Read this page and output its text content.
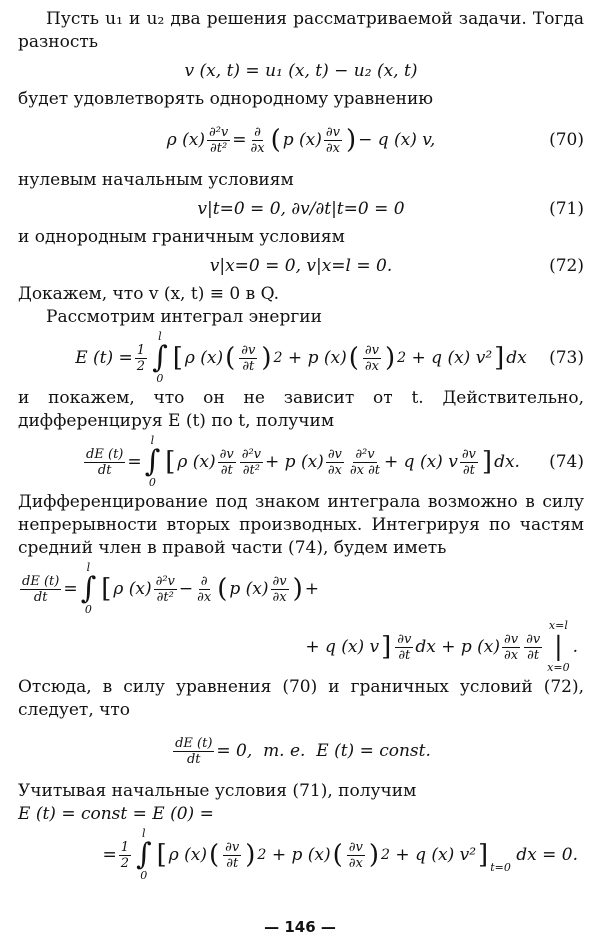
Пусть u₁ и u₂ два решения рассматриваемой задачи. Тогда разность

v (x, t) = u₁ (x, t) − u₂ (x, t)

будет удовлетворять однородному уравнению

ρ $(x) \frac{\text{∂²v}}{\text{∂t²}} = \frac{\partial}{\partial x}$ ( p $(x) \frac{\partial v}{\partial x}$ ) − q (x) v,	(70)

нулевым начальным условиям

v|t=0 = 0, ∂v/∂t|t=0 = 0	(71)

и однородным граничным условиям

v|x=0 = 0, v|x=l = 0.	(72)

Докажем, что v (x, t) ≡ 0 в Q.

Рассмотрим интеграл энергии

E $(t) = \frac{1}{2}$
l
∫
0
[ ρ (x) ( $\frac{\partial v}{\partial t}$ ) 2 + p (x) ( $\frac{\partial v}{\partial x}$ ) 2 + q (x) v² ] dx (73)

и покажем, что он не зависит от t. Действительно, дифференцируя E (t) по t, получим

$\frac{dE (t)}{dt}$ =
l
∫
0
[ ρ $(x) \frac{\partial v}{\partial t} \frac{\text{∂²v}}{\text{∂t²}} + p$ $(x) \frac{\partial v}{\partial x} \frac{\text{∂²v}}{\partial x \partial t} + q$ (x) v $\frac{\partial v}{\partial t}$ ] dx. (74)

Дифференцирование под знаком интеграла возможно в силу непрерывности вторых производных. Интегрируя по частям средний член в правой части (74), будем иметь

$\frac{dE (t)}{dt}$ =
l
∫
0
[ ρ $(x) \frac{\text{∂²v}}{\text{∂t²}} - \frac{\partial}{\partial x}$ ( p $(x) \frac{\partial v}{\partial x}$ ) +
+ q (x) v ] $\frac{\partial v}{\partial t}$ dx + p $(x) \frac{\partial v}{\partial x} \frac{\partial v}{\partial t}$
x=l
|
x=0
.

Отсюда, в силу уравнения (70) и граничных условий (72), следует, что

$\frac{dE (t)}{dt} = 0$,  т. е.  E (t) = const.

Учитывая начальные условия (71), получим

E (t) = const = E (0) =

= $\frac{1}{2}$
l
∫
0
[ ρ (x) ( $\frac{\partial v}{\partial t}$ ) 2 + p (x) ( $\frac{\partial v}{\partial x}$ ) 2 + q (x) v² ] t=0
dx = 0.
— 146 —
